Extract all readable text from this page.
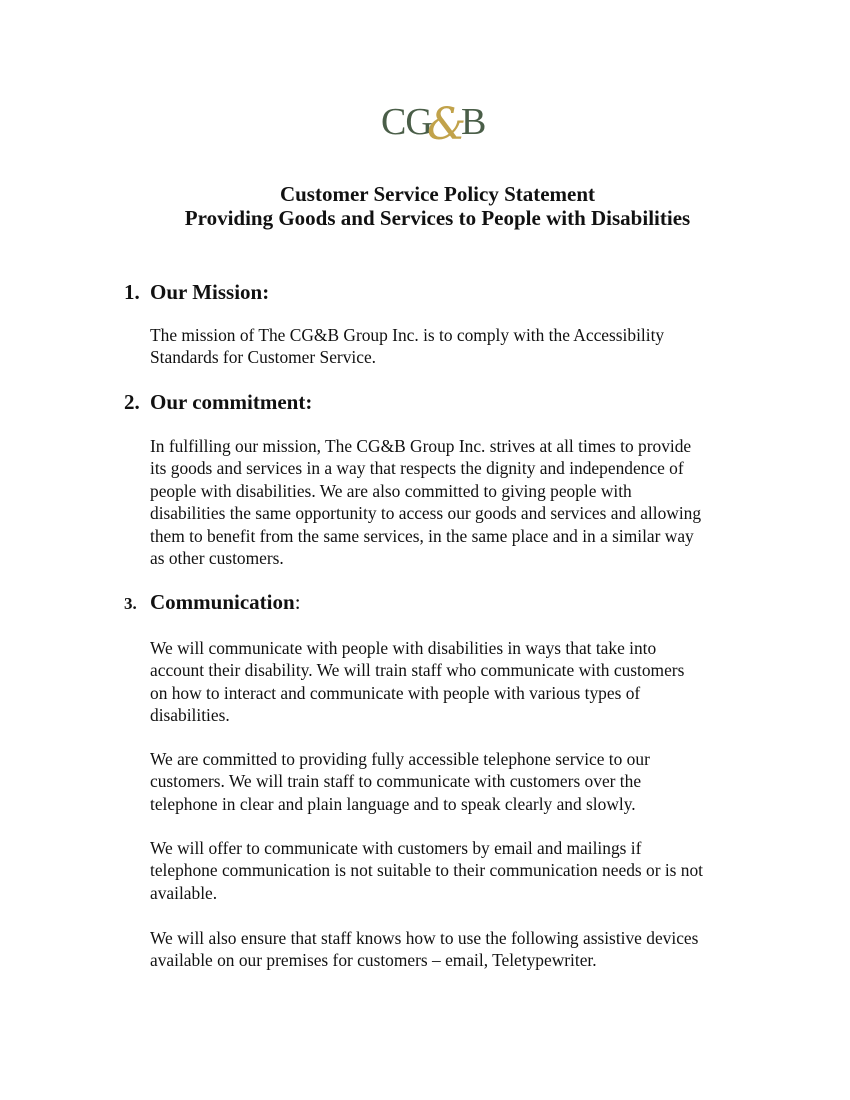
CG
&
B
Customer Service Policy Statement
Providing Goods and Services to People with Disabilities
1. Our Mission:
The mission of The CG&B Group Inc. is to comply with the Accessibility
Standards for Customer Service.
2. Our commitment:
In fulfilling our mission, The CG&B Group Inc. strives at all times to provide
its goods and services in a way that respects the dignity and independence of
people with disabilities. We are also committed to giving people with
disabilities the same opportunity to access our goods and services and allowing
them to benefit from the same services, in the same place and in a similar way
as other customers.
3. Communication:
We will communicate with people with disabilities in ways that take into
account their disability. We will train staff who communicate with customers
on how to interact and communicate with people with various types of
disabilities.
We are committed to providing fully accessible telephone service to our
customers. We will train staff to communicate with customers over the
telephone in clear and plain language and to speak clearly and slowly.
We will offer to communicate with customers by email and mailings if
telephone communication is not suitable to their communication needs or is not
available.
We will also ensure that staff knows how to use the following assistive devices
available on our premises for customers – email, Teletypewriter.
